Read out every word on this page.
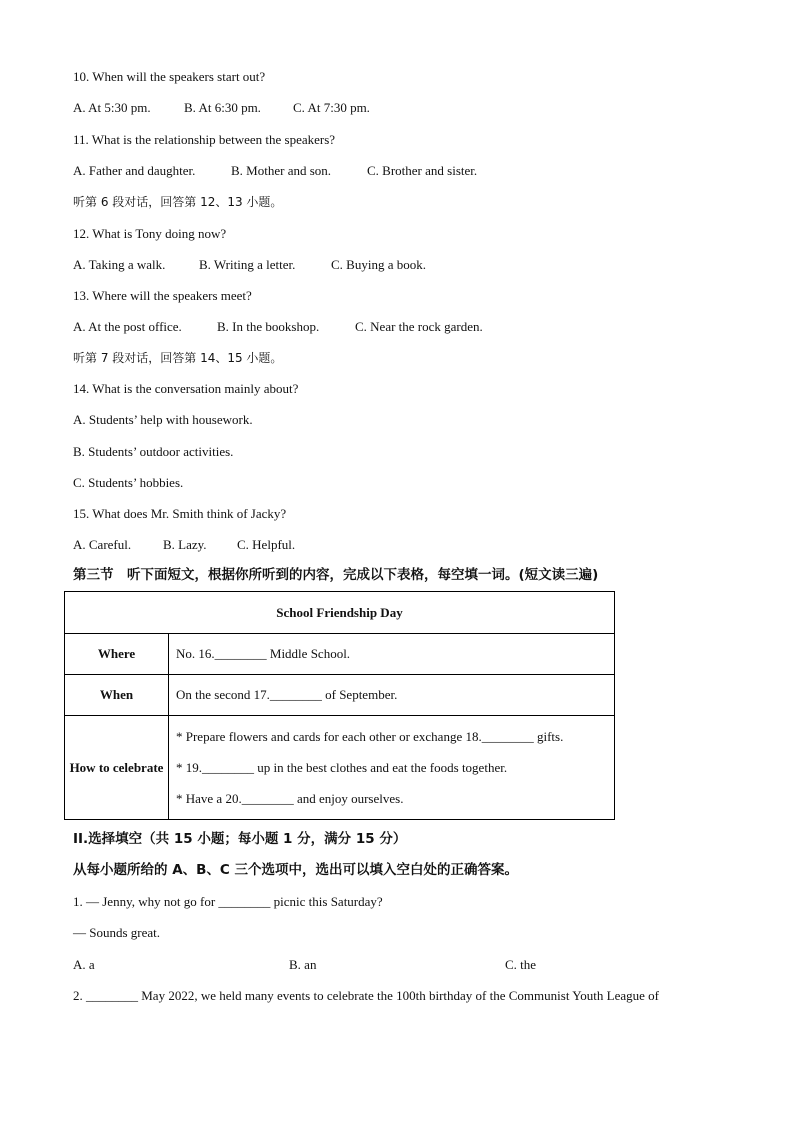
10. When will the speakers start out?
A. At 5:30 pm.	B. At 6:30 pm. C. At 7:30 pm.
11. What is the relationship between the speakers?
A. Father and daughter.	B. Mother and son.	C. Brother and sister.
听第 6 段对话，回答第 12、13 小题。
12. What is Tony doing now?
A. Taking a walk.	B. Writing a letter.	C. Buying a book.
13. Where will the speakers meet?
A. At the post office.	B. In the bookshop.	C. Near the rock garden.
听第 7 段对话，回答第 14、15 小题。
14. What is the conversation mainly about?
A. Students’ help with housework.
B. Students’ outdoor activities.
C. Students’ hobbies.
15. What does Mr. Smith think of Jacky?
A. Careful. B. Lazy. C. Helpful.
第三节　听下面短文，根据你所听到的内容，完成以下表格，每空填一词。(短文读三遍)
School Friendship Day	
Where	No. 16.________ Middle School.
When	On the second 17.________ of September.
How to celebrate	* Prepare flowers and cards for each other or exchange 18.________ gifts.
* 19.________ up in the best clothes and eat the foods together.
* Have a 20.________ and enjoy ourselves.
II.选择填空（共 15 小题；每小题 1 分，满分 15 分）
从每小题所给的 A、B、C 三个选项中，选出可以填入空白处的正确答案。
1. — Jenny, why not go for ________ picnic this Saturday?
— Sounds great.
A. a	B. an	C. the
2. ________ May 2022, we held many events to celebrate the 100th birthday of the Communist Youth League of
